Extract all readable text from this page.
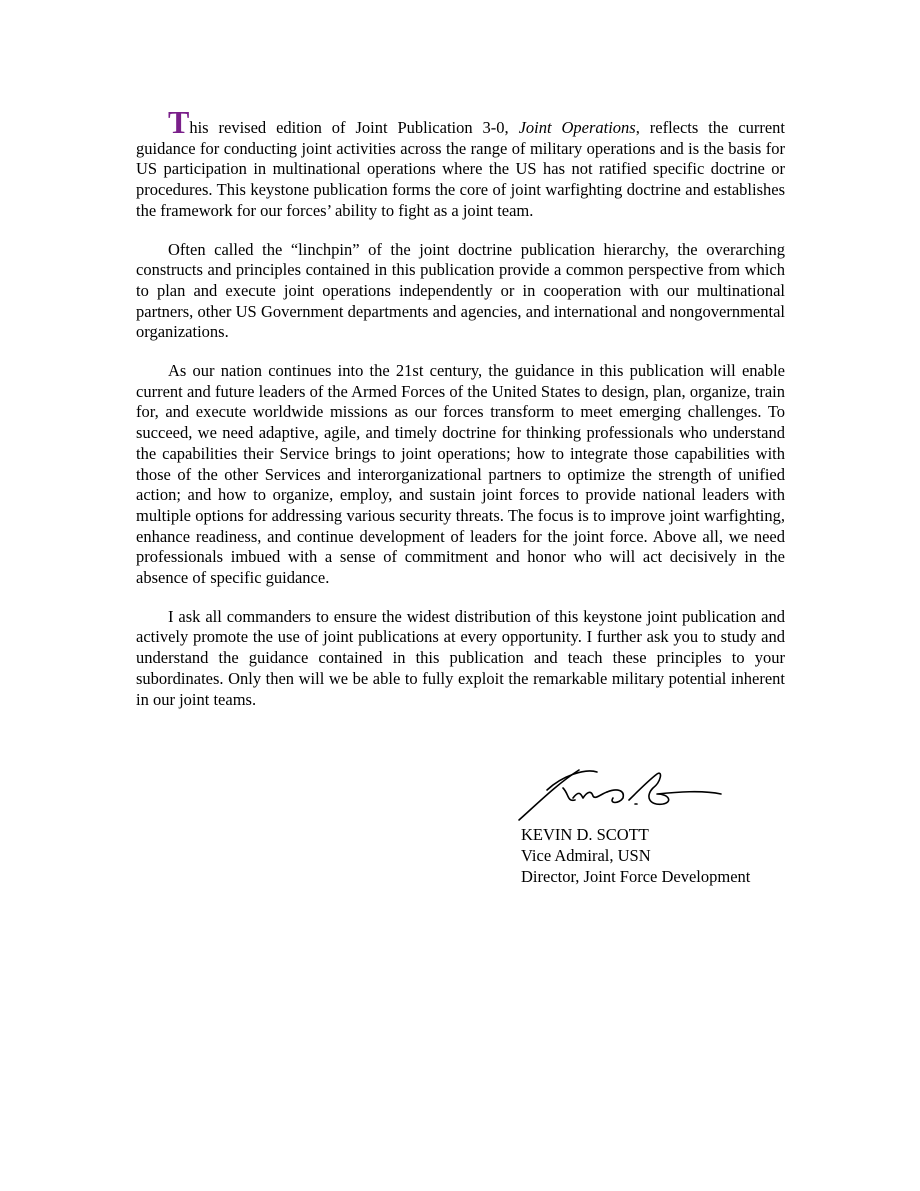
This revised edition of Joint Publication 3-0, Joint Operations, reflects the current guidance for conducting joint activities across the range of military operations and is the basis for US participation in multinational operations where the US has not ratified specific doctrine or procedures. This keystone publication forms the core of joint warfighting doctrine and establishes the framework for our forces’ ability to fight as a joint team.

Often called the “linchpin” of the joint doctrine publication hierarchy, the overarching constructs and principles contained in this publication provide a common perspective from which to plan and execute joint operations independently or in cooperation with our multinational partners, other US Government departments and agencies, and international and nongovernmental organizations.

As our nation continues into the 21st century, the guidance in this publication will enable current and future leaders of the Armed Forces of the United States to design, plan, organize, train for, and execute worldwide missions as our forces transform to meet emerging challenges. To succeed, we need adaptive, agile, and timely doctrine for thinking professionals who understand the capabilities their Service brings to joint operations; how to integrate those capabilities with those of the other Services and interorganizational partners to optimize the strength of unified action; and how to organize, employ, and sustain joint forces to provide national leaders with multiple options for addressing various security threats. The focus is to improve joint warfighting, enhance readiness, and continue development of leaders for the joint force. Above all, we need professionals imbued with a sense of commitment and honor who will act decisively in the absence of specific guidance.

I ask all commanders to ensure the widest distribution of this keystone joint publication and actively promote the use of joint publications at every opportunity. I further ask you to study and understand the guidance contained in this publication and teach these principles to your subordinates. Only then will we be able to fully exploit the remarkable military potential inherent in our joint teams.

KEVIN D. SCOTT
Vice Admiral, USN
Director, Joint Force Development
